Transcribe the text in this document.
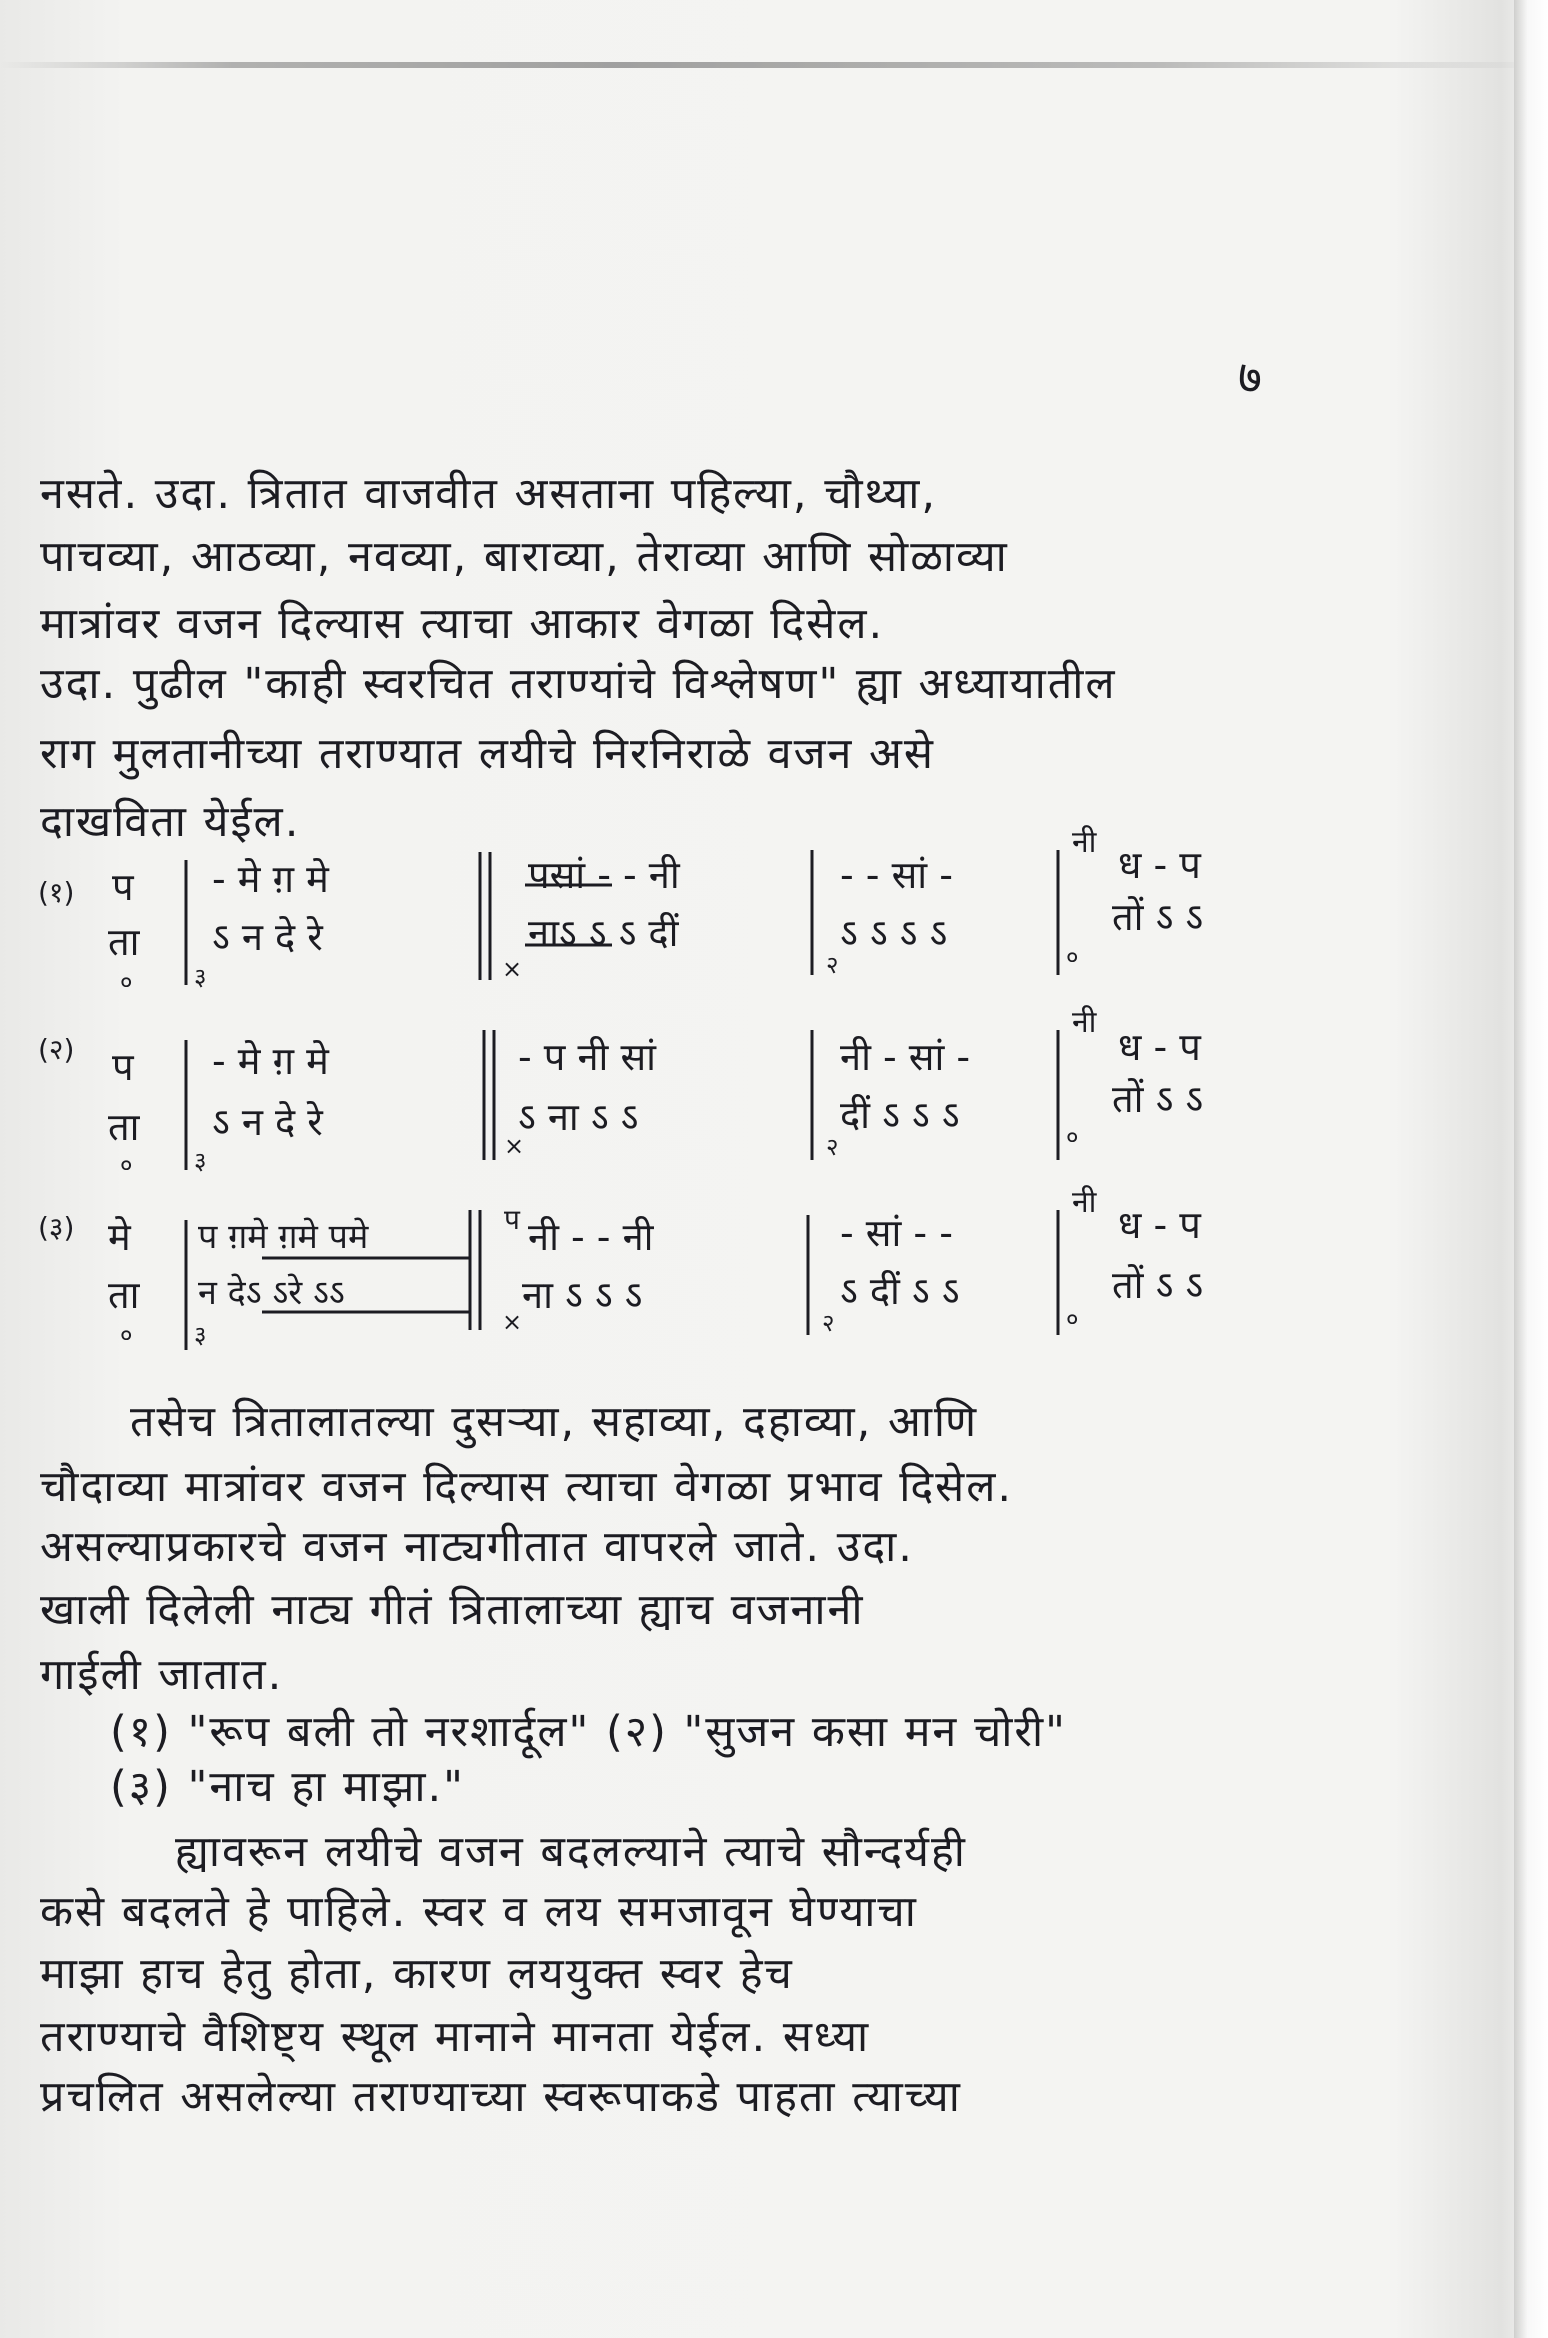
७
नसते. उदा. त्रितात वाजवीत असताना पहिल्या, चौथ्या,
पाचव्या, आठव्या, नवव्या, बाराव्या, तेराव्या आणि सोळाव्या
मात्रांवर वजन दिल्यास त्याचा आकार वेगळा दिसेल.
उदा. पुढील "काही स्वरचित तराण्यांचे विश्लेषण" ह्या अध्यायातील
राग मुलतानीच्या तराण्यात लयीचे निरनिराळे वजन असे
दाखविता येईल.
(१) प
ता
०
- मे ग़ मे
ऽ न दे रे
३
पसां - - नी
नाऽ ऽ ऽ दीं
×
- - सां -
ऽ ऽ ऽ ऽ
२
नी
ध - प
तों ऽ ऽ
०
(२) प
ता
०
- मे ग़ मे
ऽ न दे रे
३
- प नी सां
ऽ ना ऽ ऽ
×
नी - सां -
दीं ऽ ऽ ऽ
२
नी
ध - प
तों ऽ ऽ
०
(३) मे
ता
०
प ग़मे ग़मे पमे
न देऽ ऽरे ऽऽ
३
प नी - - नी
ना ऽ ऽ ऽ
×
- सां - -
ऽ दीं ऽ ऽ
२
नी
ध - प
तों ऽ ऽ
०
तसेच त्रितालातल्या दुसऱ्या, सहाव्या, दहाव्या, आणि
चौदाव्या मात्रांवर वजन दिल्यास त्याचा वेगळा प्रभाव दिसेल.
असल्याप्रकारचे वजन नाट्यगीतात वापरले जाते. उदा.
खाली दिलेली नाट्य गीतं त्रितालाच्या ह्याच वजनानी
गाईली जातात.
(१) "रूप बली तो नरशार्दूल" (२) "सुजन कसा मन चोरी"
(३) "नाच हा माझा."
ह्यावरून लयीचे वजन बदलल्याने त्याचे सौन्दर्यही
कसे बदलते हे पाहिले. स्वर व लय समजावून घेण्याचा
माझा हाच हेतु होता, कारण लययुक्त स्वर हेच
तराण्याचे वैशिष्ट्य स्थूल मानाने मानता येईल. सध्या
प्रचलित असलेल्या तराण्याच्या स्वरूपाकडे पाहता त्याच्या
